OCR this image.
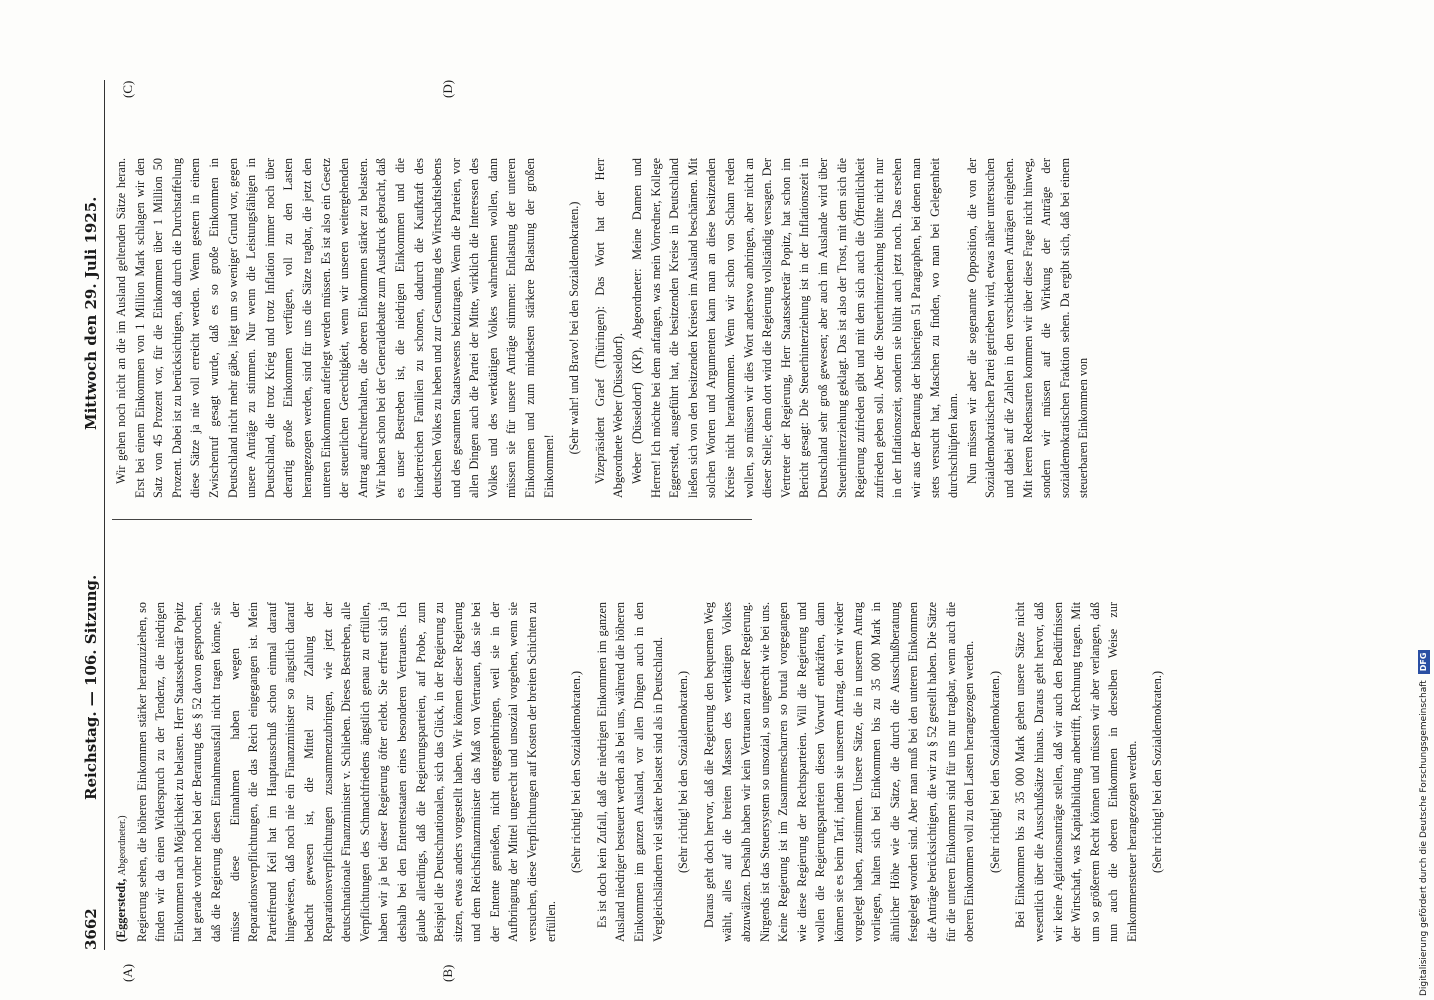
3662
Reichstag. — 106. Sitzung.
Mittwoch den 29. Juli 1925.
(A)	(B)
(C)	(D)

(Eggerstedt, Abgeordneter.) Regierung sehen, die höheren Einkommen stärker heranzuziehen, so finden wir da einen Widerspruch zu der Tendenz, die niedrigen Einkommen nach Möglichkeit zu belasten. Herr Staatssekretär Popitz hat gerade vorher noch bei der Beratung des § 52 davon gesprochen, daß die Regierung diesen Einnahmeausfall nicht tragen könne, sie müsse diese Einnahmen haben wegen der Reparationsverpflichtungen, die das Reich eingegangen ist. Mein Parteifreund Keil hat im Hauptausschuß schon einmal darauf hingewiesen, daß noch nie ein Finanzminister so ängstlich darauf bedacht gewesen ist, die Mittel zur Zahlung der Reparationsverpflichtungen zusammenzubringen, wie jetzt der deutschnationale Finanzminister v. Schlieben. Dieses Bestreben, alle Verpflichtungen des Schmachfriedens ängstlich genau zu erfüllen, haben wir ja bei dieser Regierung öfter erlebt. Sie erfreut sich ja deshalb bei den Ententestaaten eines besonderen Vertrauens. Ich glaube allerdings, daß die Regierungsparteien, auf Probe, zum Beispiel die Deutschnationalen, sich das Glück, in der Regierung zu sitzen, etwas anders vorgestellt haben. Wir können dieser Regierung und dem Reichsfinanzminister das Maß von Vertrauen, das sie bei der Entente genießen, nicht entgegenbringen, weil sie in der Aufbringung der Mittel ungerecht und unsozial vorgehen, wenn sie versuchen, diese Verpflichtungen auf Kosten der breiten Schichten zu erfüllen.

(Sehr richtig! bei den Sozialdemokraten.) Es ist doch kein Zufall, daß die niedrigen Einkommen im ganzen Ausland niedriger besteuert werden als bei uns, während die höheren Einkommen im ganzen Ausland, vor allen Dingen auch in den Vergleichsländern viel stärker belastet sind als in Deutschland. (Sehr richtig! bei den Sozialdemokraten.) Daraus geht doch hervor, daß die Regierung den bequemen Weg wählt, alles auf die breiten Massen des werktätigen Volkes abzuwälzen. Deshalb haben wir kein Vertrauen zu dieser Regierung. Nirgends ist das Steuersystem so unsozial, so ungerecht wie bei uns. Keine Regierung ist im Zusammenscharren so brutal vorgegangen wie diese Regierung der Rechtsparteien. Will die Regierung und wollen die Regierungsparteien diesen Vorwurf entkräften, dann können sie es beim Tarif, indem sie unserem Antrag, den wir wieder vorgelegt haben, zustimmen. Unsere Sätze, die in unserem Antrag vorliegen, halten sich bei Einkommen bis zu 35 000 Mark in ähnlicher Höhe wie die Sätze, die durch die Ausschußberatung festgelegt worden sind. Aber man muß bei den unteren Einkommen die Anträge berücksichtigen, die wir zu § 52 gestellt haben. Die Sätze für die unteren Einkommen sind für uns nur tragbar, wenn auch die oberen Einkommen voll zu den Lasten herangezogen werden. (Sehr richtig! bei den Sozialdemokraten.) Bei Einkommen bis zu 35 000 Mark gehen unsere Sätze nicht wesentlich über die Ausschußsätze hinaus. Daraus geht hervor, daß wir keine Agitationsanträge stellen, daß wir auch den Bedürfnissen der Wirtschaft, was Kapitalbildung anbetrifft, Rechnung tragen. Mit um so größerem Recht können und müssen wir aber verlangen, daß nun auch die oberen Einkommen in derselben Weise zur Einkommensteuer herangezogen werden. (Sehr richtig! bei den Sozialdemokraten.)

Wir gehen noch nicht an die im Ausland geltenden Sätze heran. Erst bei einem Einkommen von 1 Million Mark schlagen wir den Satz von 45 Prozent vor, für die Einkommen über 1 Million 50 Prozent. Dabei ist zu berücksichtigen, daß durch die Durchstaffelung diese Sätze ja nie voll erreicht werden. Wenn gestern in einem Zwischenruf gesagt wurde, daß es so große Einkommen in Deutschland nicht mehr gäbe, liegt um so weniger Grund vor, gegen unsere Anträge zu stimmen. Nur wenn die Leistungsfähigen in Deutschland, die trotz Krieg und trotz Inflation immer noch über derartig große Einkommen verfügen, voll zu den Lasten herangezogen werden, sind für uns die Sätze tragbar, die jetzt den unteren Einkommen auferlegt werden müssen. Es ist also ein Gesetz der steuerlichen Gerechtigkeit, wenn wir unseren weitergehenden Antrag aufrechterhalten, die oberen Einkommen stärker zu belasten. Wir haben schon bei der Generaldebatte zum Ausdruck gebracht, daß es unser Bestreben ist, die niedrigen Einkommen und die kinderreichen Familien zu schonen, dadurch die Kaufkraft des deutschen Volkes zu heben und zur Gesundung des Wirtschaftslebens und des gesamten Staatswesens beizutragen. Wenn die Parteien, vor allen Dingen auch die Partei der Mitte, wirklich die Interessen des Volkes und des werktätigen Volkes wahrnehmen wollen, dann müssen sie für unsere Anträge stimmen: Entlastung der unteren Einkommen und zum mindesten stärkere Belastung der großen Einkommen!

(Sehr wahr! und Bravo! bei den Sozialdemokraten.) Vizepräsident Graef (Thüringen): Das Wort hat der Herr Abgeordnete Weber (Düsseldorf). Weber (Düsseldorf) (KP), Abgeordneter: Meine Damen und Herren! Ich möchte bei dem anfangen, was mein Vorredner, Kollege Eggerstedt, ausgeführt hat, die besitzenden Kreise in Deutschland ließen sich von den besitzenden Kreisen im Ausland beschämen. Mit solchen Worten und Argumenten kann man an diese besitzenden Kreise nicht herankommen. Wenn wir schon von Scham reden wollen, so müssen wir dies Wort anderswo anbringen, aber nicht an dieser Stelle; denn dort wird die Regierung vollständig versagen. Der Vertreter der Regierung, Herr Staatssekretär Popitz, hat schon im Bericht gesagt: Die Steuerhinterziehung ist in der Inflationszeit in Deutschland sehr groß gewesen; aber auch im Auslande wird über Steuerhinterziehung geklagt. Das ist also der Trost, mit dem sich die Regierung zufrieden gibt und mit dem sich auch die Öffentlichkeit zufrieden geben soll. Aber die Steuerhinterziehung blühte nicht nur in der Inflationszeit, sondern sie blüht auch jetzt noch. Das ersehen wir aus der Beratung der bisherigen 51 Paragraphen, bei denen man stets versucht hat, Maschen zu finden, wo man bei Gelegenheit durchschlüpfen kann. Nun müssen wir aber die sogenannte Opposition, die von der Sozialdemokratischen Partei getrieben wird, etwas näher untersuchen und dabei auf die Zahlen in den verschiedenen Anträgen eingehen. Mit leeren Redensarten kommen wir über diese Frage nicht hinweg, sondern wir müssen auf die Wirkung der Anträge der sozialdemokratischen Fraktion sehen. Da ergibt sich, daß bei einem steuerbaren Einkommen von

Digitalisierung gefördert durch die Deutsche ForschungsgemeinschaftDFG
